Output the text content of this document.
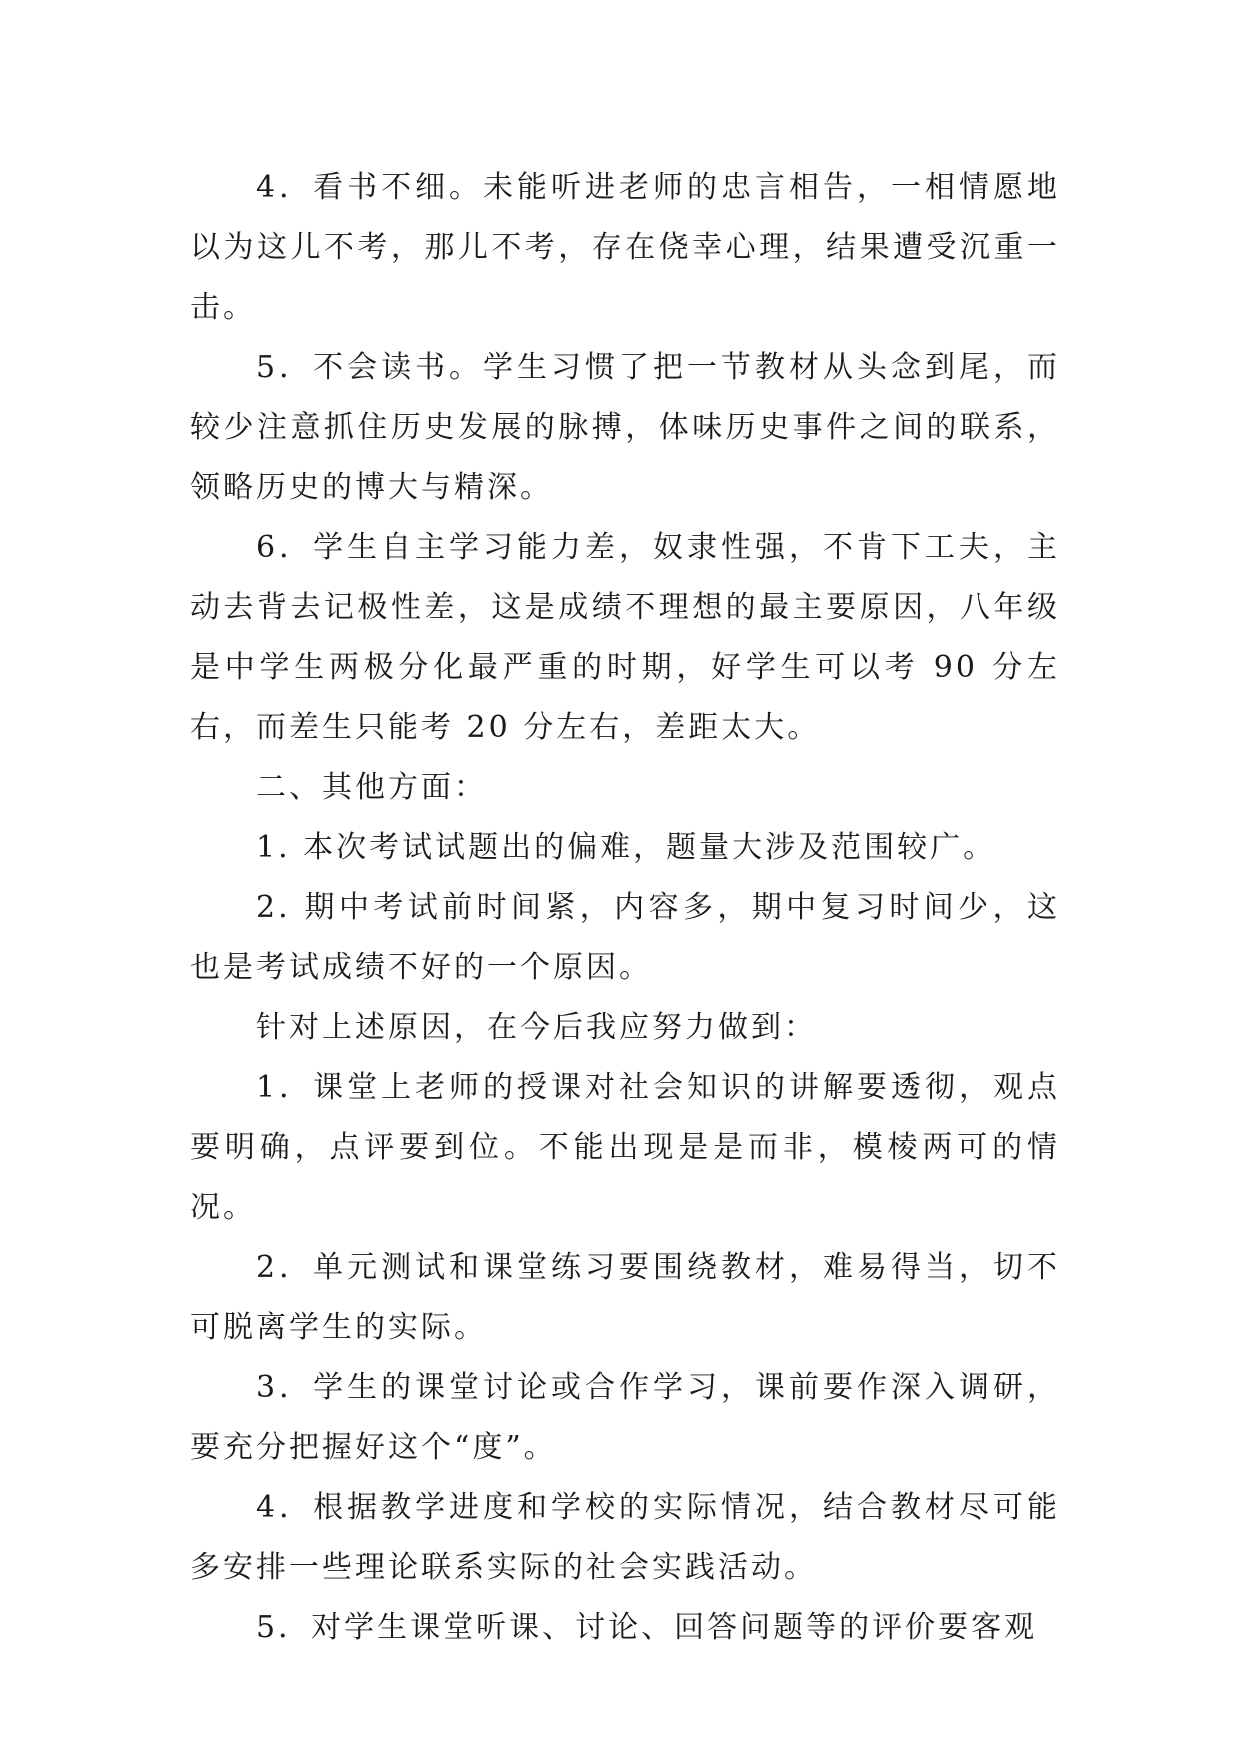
4．看书不细。未能听进老师的忠言相告，一相情愿地以为这儿不考，那儿不考，存在侥幸心理，结果遭受沉重一击。

5．不会读书。学生习惯了把一节教材从头念到尾，而较少注意抓住历史发展的脉搏，体味历史事件之间的联系，领略历史的博大与精深。

6．学生自主学习能力差，奴隶性强，不肯下工夫，主动去背去记极性差，这是成绩不理想的最主要原因，八年级是中学生两极分化最严重的时期，好学生可以考 90 分左右，而差生只能考 20 分左右，差距太大。

二、其他方面：

1. 本次考试试题出的偏难，题量大涉及范围较广。

2. 期中考试前时间紧，内容多，期中复习时间少，这也是考试成绩不好的一个原因。

针对上述原因，在今后我应努力做到：

1．课堂上老师的授课对社会知识的讲解要透彻，观点要明确，点评要到位。不能出现是是而非，模棱两可的情况。

2．单元测试和课堂练习要围绕教材，难易得当，切不可脱离学生的实际。

3．学生的课堂讨论或合作学习，课前要作深入调研，要充分把握好这个“度”。

4．根据教学进度和学校的实际情况，结合教材尽可能多安排一些理论联系实际的社会实践活动。

5．对学生课堂听课、讨论、回答问题等的评价要客观
